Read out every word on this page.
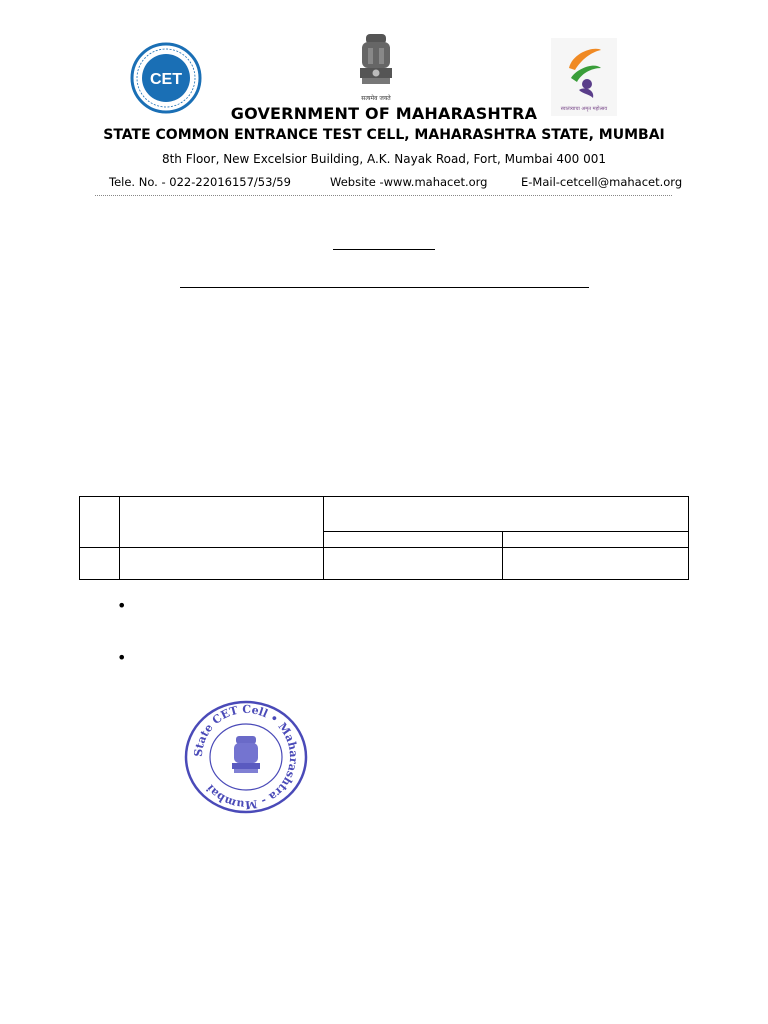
CET
सत्यमेव जयते
स्वातंत्र्याचा अमृत महोत्सव
GOVERNMENT OF MAHARASHTRA
STATE COMMON ENTRANCE TEST CELL, MAHARASHTRA STATE, MUMBAI
8th Floor, New Excelsior Building, A.K. Nayak Road, Fort, Mumbai 400 001
Tele. No. - 022-22016157/53/59	Website -www.mahacet.org	E-Mail-cetcell@mahacet.org

•
•
State CET Cell • Maharashtra - Mumbai
